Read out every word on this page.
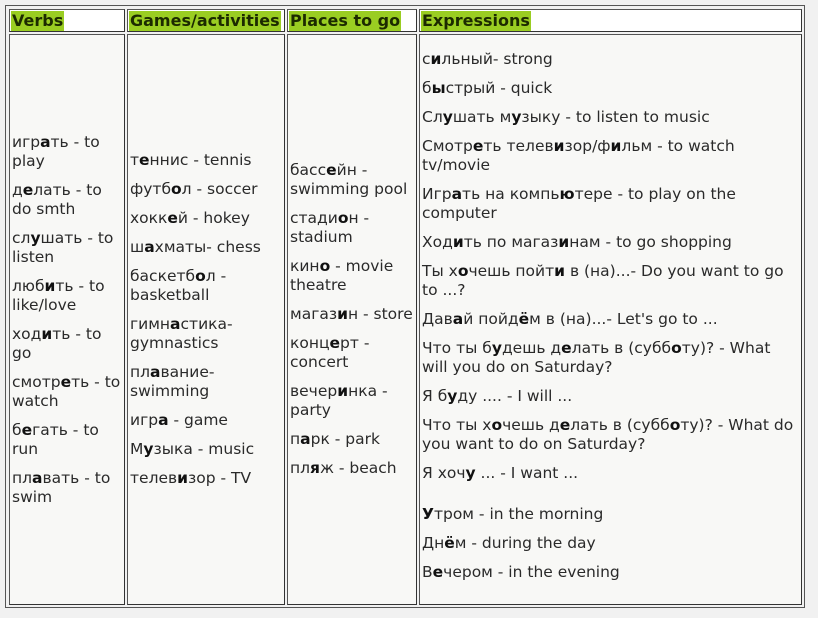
Verbs	Games/activities	Places to go	Expressions

играть - to play
делать - to do smth
слушать - to listen
любить - to like/love
ходить - to go
смотреть - to watch
бегать - to run
плавать - to swim

теннис - tennis
футбол - soccer
хоккей - hokey
шахматы- chess
баскетбол - basketball
гимнастика- gymnastics
плавание- swimming
игра - game
Музыка - music
телевизор - TV

бассейн - swimming pool
стадион - stadium
кино - movie theatre
магазин - store
концерт - concert
вечеринка - party
парк - park
пляж - beach

сильный- strong
быстрый - quick
Слушать музыку - to listen to music
Смотреть телевизор/фильм - to watch tv/movie
Играть на компьютере - to play on the computer
Ходить по магазинам - to go shopping
Ты хочешь пойти в (на)...- Do you want to go to ...?
Давай пойдём в (на)...- Let's go to ...
Что ты будешь делать в (субботу)? - What will you do on Saturday?
Я буду .... - I will ...
Что ты хочешь делать в (субботу)? - What do you want to do on Saturday?
Я хочу ... - I want ...
Утром - in the morning
Днём - during the day
Вечером - in the evening
